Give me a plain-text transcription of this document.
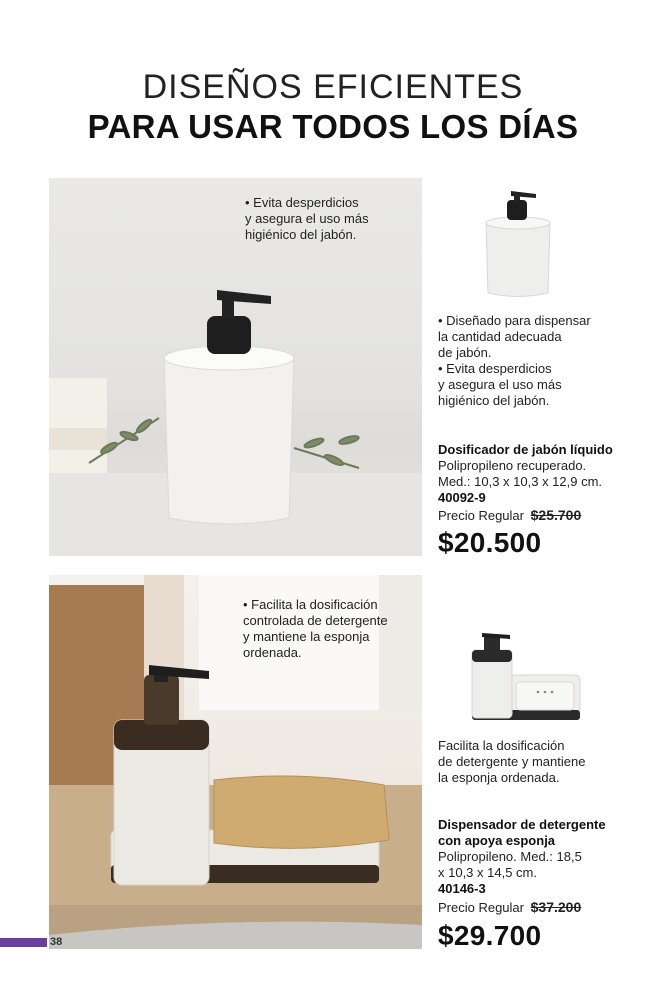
DISEÑOS EFICIENTES
PARA USAR TODOS LOS DÍAS
• Evita desperdicios
y asegura el uso más
higiénico del jabón.
• Diseñado para dispensar
la cantidad adecuada
de jabón.
• Evita desperdicios
y asegura el uso más
higiénico del jabón.
Dosificador de jabón líquido
Polipropileno recuperado.
Med.: 10,3 x 10,3 x 12,9 cm.
40092-9
Precio Regular $25.700
$20.500
• Facilita la dosificación
controlada de detergente
y mantiene la esponja
ordenada.
Facilita la dosificación
de detergente y mantiene
la esponja ordenada.
Dispensador de detergente
con apoya esponja
Polipropileno. Med.: 18,5
x 10,3 x 14,5 cm.
40146-3
Precio Regular $37.200
$29.700
38
